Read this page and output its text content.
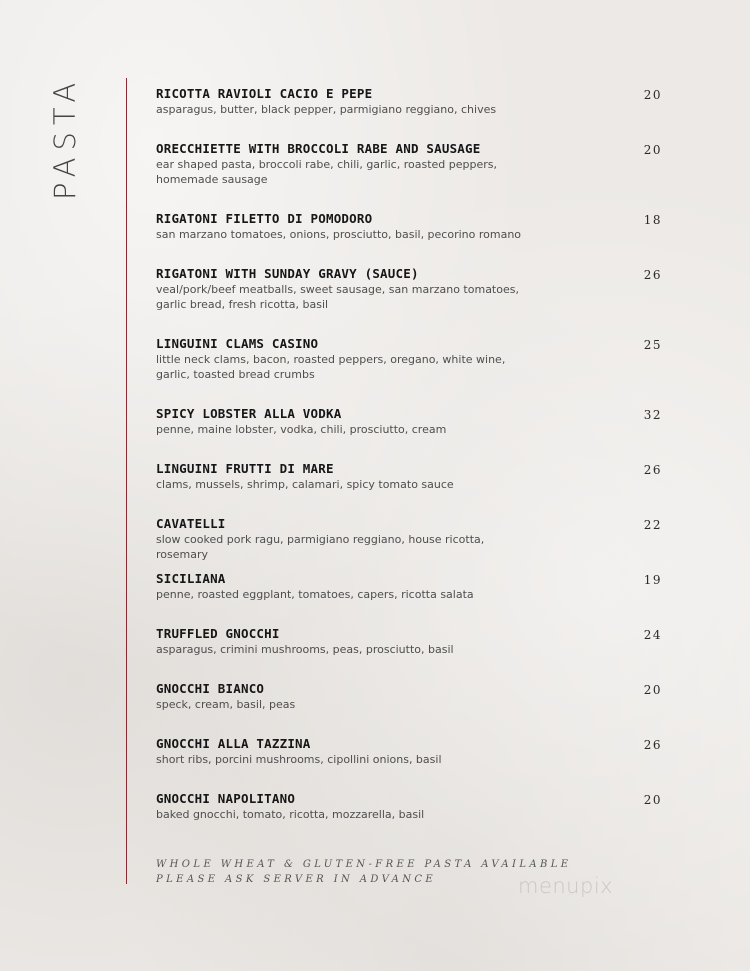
PASTA	RICOTTA RAVIOLI CACIO E PEPE
asparagus, butter, black pepper, parmigiano reggiano, chives
20
ORECCHIETTE WITH BROCCOLI RABE AND SAUSAGE
ear shaped pasta, broccoli rabe, chili, garlic, roasted peppers, homemade sausage
20
RIGATONI FILETTO DI POMODORO
san marzano tomatoes, onions, prosciutto, basil, pecorino romano
18
RIGATONI WITH SUNDAY GRAVY (SAUCE)
veal/pork/beef meatballs, sweet sausage, san marzano tomatoes, garlic bread, fresh ricotta, basil
26
LINGUINI CLAMS CASINO
little neck clams, bacon, roasted peppers, oregano, white wine, garlic, toasted bread crumbs
25
SPICY LOBSTER ALLA VODKA
penne, maine lobster, vodka, chili, prosciutto, cream
32
LINGUINI FRUTTI DI MARE
clams, mussels, shrimp, calamari, spicy tomato sauce
26
CAVATELLI
slow cooked pork ragu, parmigiano reggiano, house ricotta, rosemary
22
SICILIANA
penne, roasted eggplant, tomatoes, capers, ricotta salata
19
TRUFFLED GNOCCHI
asparagus, crimini mushrooms, peas, prosciutto, basil
24
GNOCCHI BIANCO
speck, cream, basil, peas
20
GNOCCHI ALLA TAZZINA
short ribs, porcini mushrooms, cipollini onions, basil
26
GNOCCHI NAPOLITANO
baked gnocchi, tomato, ricotta, mozzarella, basil
20
WHOLE WHEAT & GLUTEN-FREE PASTA AVAILABLE
PLEASE ASK SERVER IN ADVANCE	menupix
